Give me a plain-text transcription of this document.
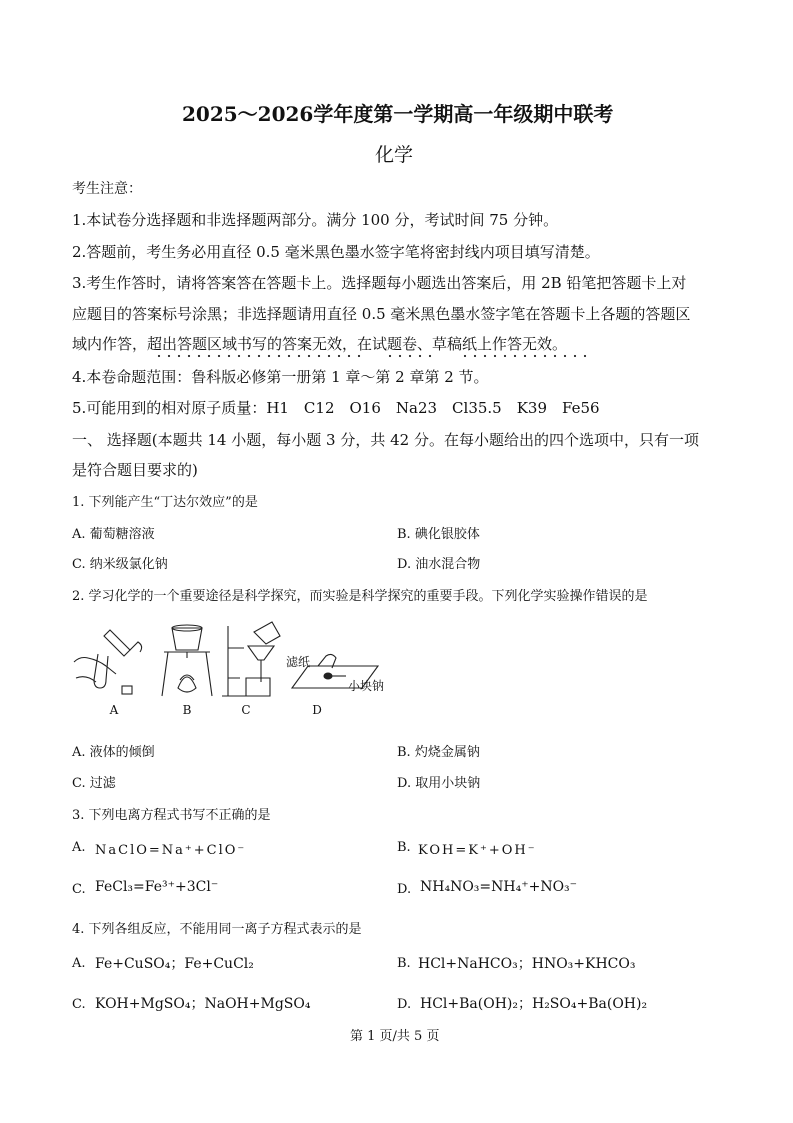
2025～2026学年度第一学期高一年级期中联考
化学
考生注意：
1.本试卷分选择题和非选择题两部分。满分 100 分，考试时间 75 分钟。
2.答题前，考生务必用直径 0.5 毫米黑色墨水签字笔将密封线内项目填写清楚。
3.考生作答时，请将答案答在答题卡上。选择题每小题选出答案后，用 2B 铅笔把答题卡上对
应题目的答案标号涂黑；非选择题请用直径 0.5 毫米黑色墨水签字笔在答题卡上各题的答题区
域内作答，超出答题区域书写的答案无效，在试题卷、草稿纸上作答无效。
4.本卷命题范围：鲁科版必修第一册第 1 章～第 2 章第 2 节。
5.可能用到的相对原子质量：H1　C12　O16　Na23　Cl35.5　K39　Fe56
一、 选择题(本题共 14 小题，每小题 3 分，共 42 分。在每小题给出的四个选项中，只有一项
是符合题目要求的)
1. 下列能产生“丁达尔效应”的是
A. 葡萄糖溶液	B. 碘化银胶体
C. 纳米级氯化钠	D. 油水混合物
2. 学习化学的一个重要途径是科学探究，而实验是科学探究的重要手段。下列化学实验操作错误的是
A	B	C	D
滤纸
小块钠
A. 液体的倾倒	B. 灼烧金属钠
C. 过滤	D. 取用小块钠
3. 下列电离方程式书写不正确的是
A. NaClO=Na⁺+ClO⁻	B. KOH=K⁺+OH⁻
C. FeCl₃=Fe³⁺+3Cl⁻	D. NH₄NO₃=NH₄⁺+NO₃⁻
4. 下列各组反应，不能用同一离子方程式表示的是
A. Fe+CuSO₄；Fe+CuCl₂	B. HCl+NaHCO₃；HNO₃+KHCO₃
C. KOH+MgSO₄；NaOH+MgSO₄	D. HCl+Ba(OH)₂；H₂SO₄+Ba(OH)₂
第 1 页/共 5 页
